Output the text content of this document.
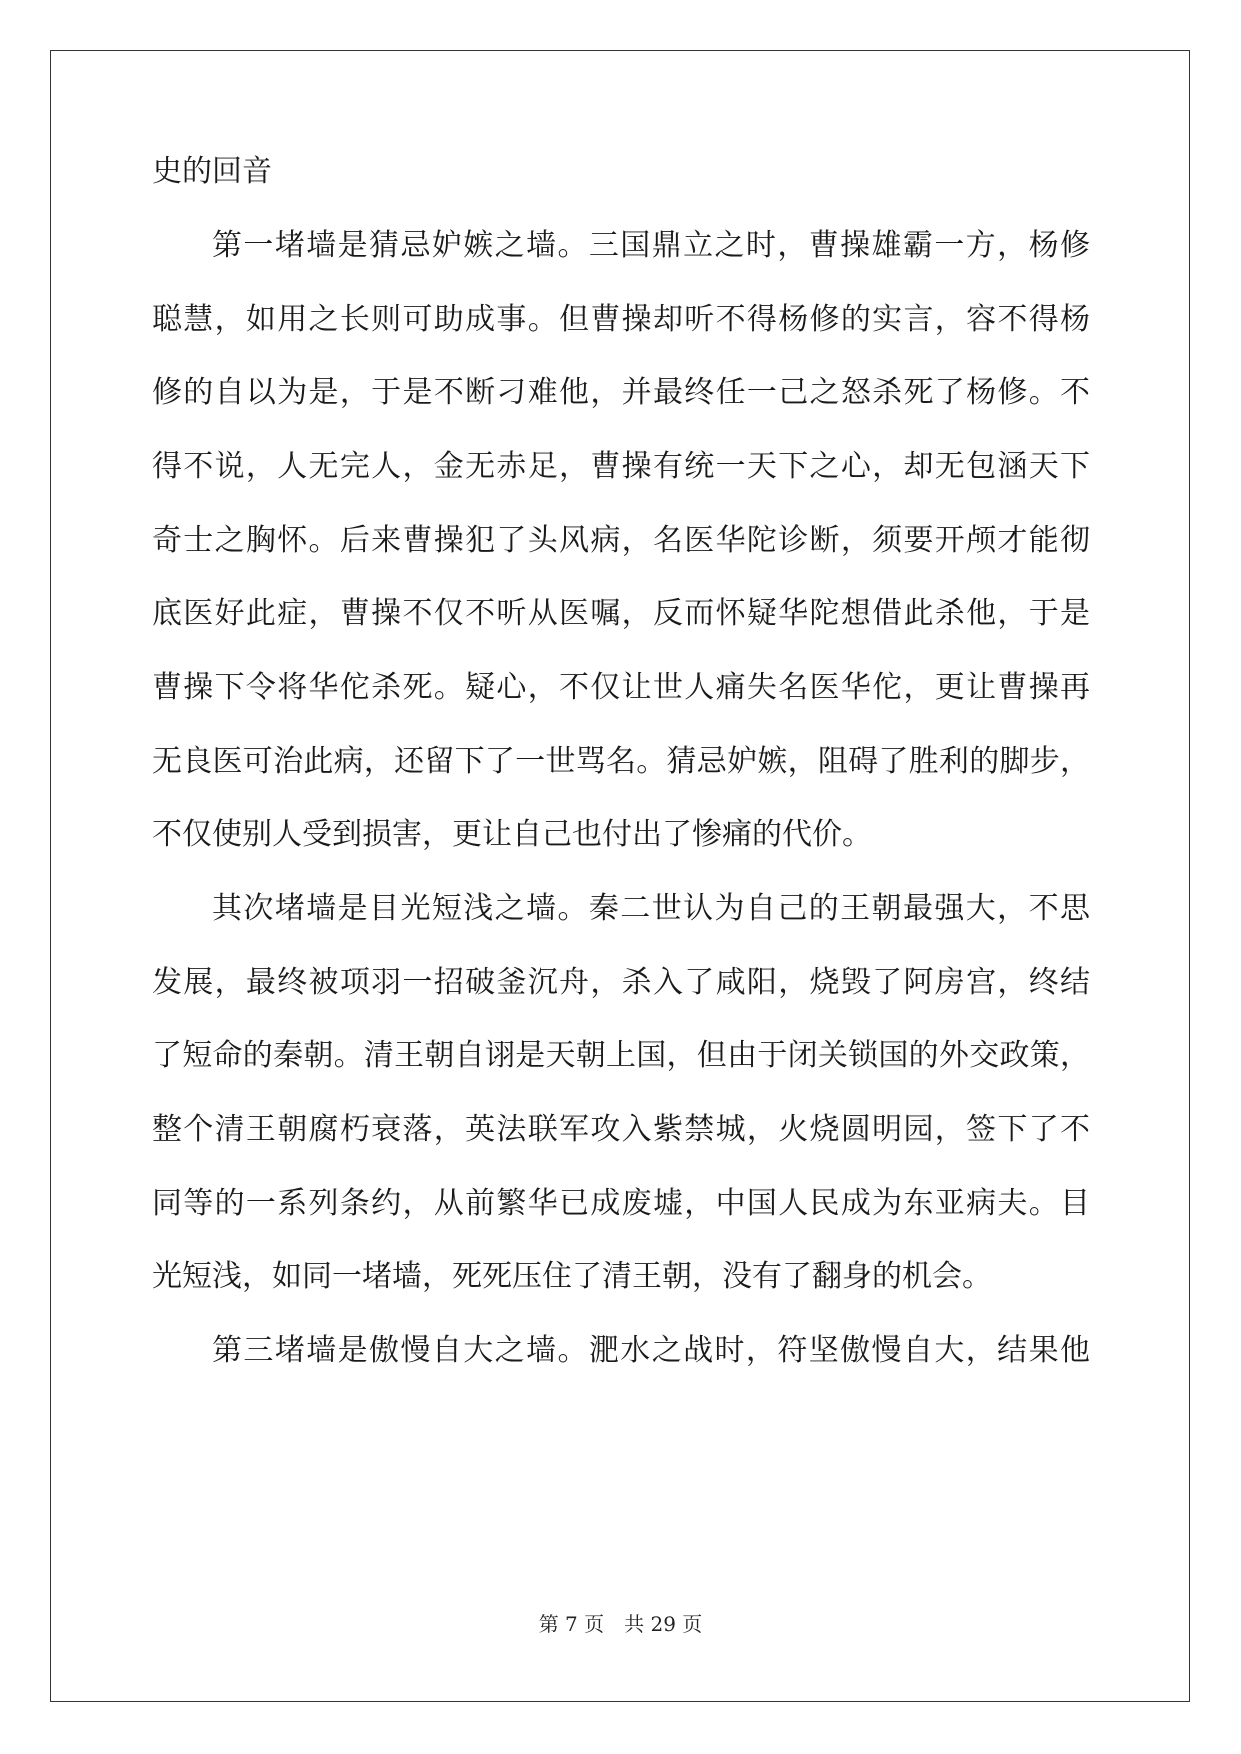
史的回音
第一堵墙是猜忌妒嫉之墙。三国鼎立之时，曹操雄霸一方，杨修
聪慧，如用之长则可助成事。但曹操却听不得杨修的实言，容不得杨
修的自以为是，于是不断刁难他，并最终任一己之怒杀死了杨修。不
得不说，人无完人，金无赤足，曹操有统一天下之心，却无包涵天下
奇士之胸怀。后来曹操犯了头风病，名医华陀诊断，须要开颅才能彻
底医好此症，曹操不仅不听从医嘱，反而怀疑华陀想借此杀他，于是
曹操下令将华佗杀死。疑心，不仅让世人痛失名医华佗，更让曹操再
无良医可治此病，还留下了一世骂名。猜忌妒嫉，阻碍了胜利的脚步，
不仅使别人受到损害，更让自己也付出了惨痛的代价。
其次堵墙是目光短浅之墙。秦二世认为自己的王朝最强大，不思
发展，最终被项羽一招破釜沉舟，杀入了咸阳，烧毁了阿房宫，终结
了短命的秦朝。清王朝自诩是天朝上国，但由于闭关锁国的外交政策，
整个清王朝腐朽衰落，英法联军攻入紫禁城，火烧圆明园，签下了不
同等的一系列条约，从前繁华已成废墟，中国人民成为东亚病夫。目
光短浅，如同一堵墙，死死压住了清王朝，没有了翻身的机会。
第三堵墙是傲慢自大之墙。淝水之战时，符坚傲慢自大，结果他
第 7 页 共 29 页
